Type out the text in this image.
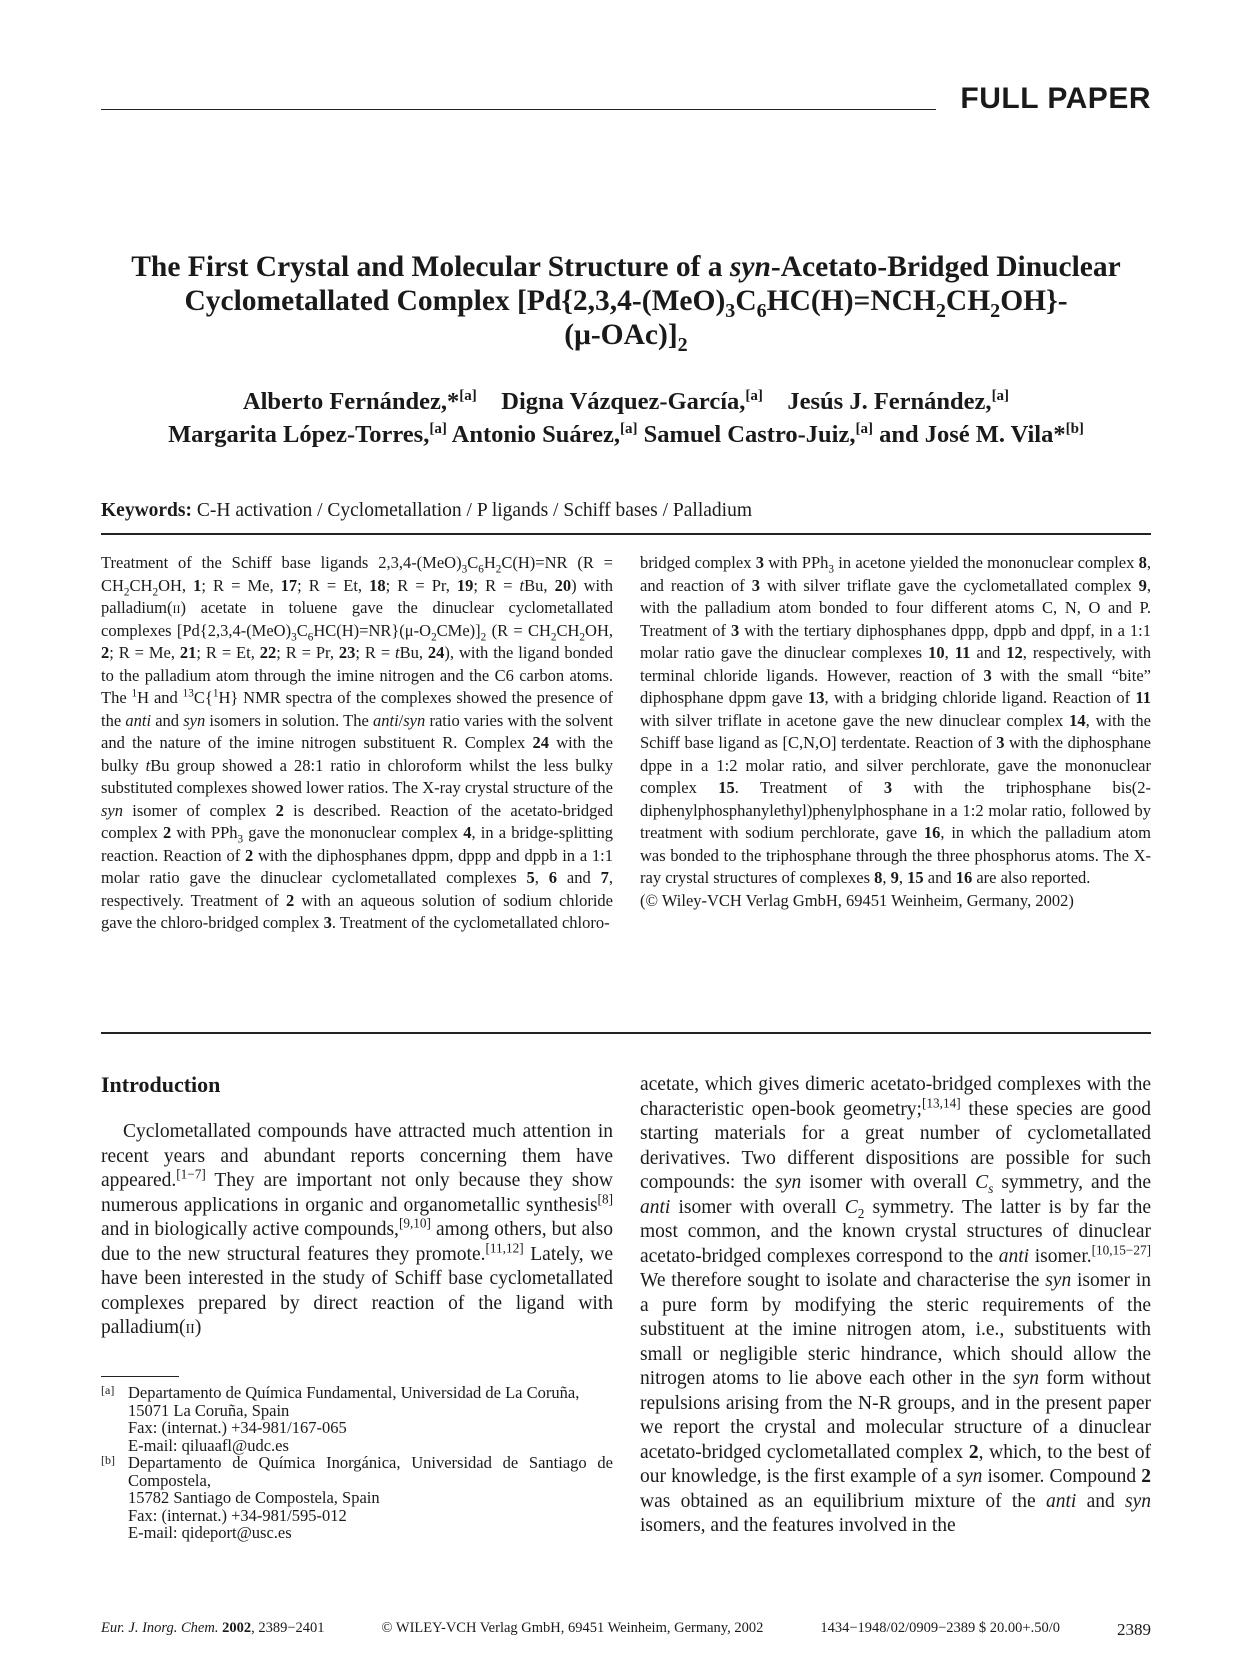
FULL PAPER
The First Crystal and Molecular Structure of a syn-Acetato-Bridged Dinuclear
Cyclometallated Complex [$Pd\{2,3,4-(MeO)_3C_6HC(H)=NCH_2CH_2OH\}-$
$(\mu-OAc)]_2$
Alberto Fernández,*[a] Digna Vázquez-García,[a] Jesús J. Fernández,[a]
Margarita López-Torres,[a] Antonio Suárez,[a] Samuel Castro-Juiz,[a] and José M. Vila*[b]
Keywords: C-H activation / Cyclometallation / P ligands / Schiff bases / Palladium

Treatment of the Schiff base ligands $2,3,4-(MeO)_3C_6H_2C(H)=NR$ ($R = CH_2CH_2OH$, 1; R = Me, 17; R = Et, 18; R = Pr, 19; R = tBu, 20) with palladium(ii) acetate in toluene gave the dinuclear cyclometallated complexes $[Pd\{2,3,4-(MeO)_3C_6HC(H)=NR\}(\mu-O_2CMe)]_2$ ($R = CH_2CH_2OH$, 2; R = Me, 21; R = Et, 22; R = Pr, 23; R = tBu, 24), with the ligand bonded to the palladium atom through the imine nitrogen and the C6 carbon atoms. The $^1$H and $^{13}$C{$^1$H} NMR spectra of the complexes showed the presence of the anti and syn isomers in solution. The anti/syn ratio varies with the solvent and the nature of the imine nitrogen substituent R. Complex 24 with the bulky tBu group showed a 28:1 ratio in chloroform whilst the less bulky substituted complexes showed lower ratios. The X-ray crystal structure of the syn isomer of complex 2 is described. Reaction of the acetato-bridged complex 2 with PPh$_3$ gave the mononuclear complex 4, in a bridge-splitting reaction. Reaction of 2 with the diphosphanes dppm, dppp and dppb in a 1:1 molar ratio gave the dinuclear cyclometallated complexes 5, 6 and 7, respectively. Treatment of 2 with an aqueous solution of sodium chloride gave the chloro-bridged complex 3. Treatment of the cyclometallated chloro-

bridged complex 3 with PPh$_3$ in acetone yielded the mononuclear complex 8, and reaction of 3 with silver triflate gave the cyclometallated complex 9, with the palladium atom bonded to four different atoms C, N, O and P. Treatment of 3 with the tertiary diphosphanes dppp, dppb and dppf, in a 1:1 molar ratio gave the dinuclear complexes 10, 11 and 12, respectively, with terminal chloride ligands. However, reaction of 3 with the small “bite” diphosphane dppm gave 13, with a bridging chloride ligand. Reaction of 11 with silver triflate in acetone gave the new dinuclear complex 14, with the Schiff base ligand as [C,N,O] terdentate. Reaction of 3 with the diphosphane dppe in a 1:2 molar ratio, and silver perchlorate, gave the mononuclear complex 15. Treatment of 3 with the triphosphane bis(2-diphenylphosphanylethyl)phenylphosphane in a 1:2 molar ratio, followed by treatment with sodium perchlorate, gave 16, in which the palladium atom was bonded to the triphosphane through the three phosphorus atoms. The X-ray crystal structures of complexes 8, 9, 15 and 16 are also reported.

(© Wiley-VCH Verlag GmbH, 69451 Weinheim, Germany, 2002)

Introduction

Cyclometallated compounds have attracted much attention in recent years and abundant reports concerning them have appeared.[1−7] They are important not only because they show numerous applications in organic and organometallic synthesis[8] and in biologically active compounds,[9,10] among others, but also due to the new structural features they promote.[11,12] Lately, we have been interested in the study of Schiff base cyclometallated complexes prepared by direct reaction of the ligand with palladium(ii)

acetate, which gives dimeric acetato-bridged complexes with the characteristic open-book geometry;[13,14] these species are good starting materials for a great number of cyclometallated derivatives. Two different dispositions are possible for such compounds: the syn isomer with overall $C_s$ symmetry, and the anti isomer with overall $C_2$ symmetry. The latter is by far the most common, and the known crystal structures of dinuclear acetato-bridged complexes correspond to the anti isomer.[10,15−27] We therefore sought to isolate and characterise the syn isomer in a pure form by modifying the steric requirements of the substituent at the imine nitrogen atom, i.e., substituents with small or negligible steric hindrance, which should allow the nitrogen atoms to lie above each other in the syn form without repulsions arising from the N-R groups, and in the present paper we report the crystal and molecular structure of a dinuclear acetato-bridged cyclometallated complex 2, which, to the best of our knowledge, is the first example of a syn isomer. Compound 2 was obtained as an equilibrium mixture of the anti and syn isomers, and the features involved in the

[a] Departamento de Química Fundamental, Universidad de La Coruña,
15071 La Coruña, Spain
Fax: (internat.) +34-981/167-065
E-mail: qiluaafl@udc.es
[b] Departamento de Química Inorgánica, Universidad de Santiago de Compostela,
15782 Santiago de Compostela, Spain
Fax: (internat.) +34-981/595-012
E-mail: qideport@usc.es
Eur. J. Inorg. Chem. 2002, 2389−2401	© WILEY-VCH Verlag GmbH, 69451 Weinheim, Germany, 2002	1434−1948/02/0909−2389 $ 20.00+.50/0	2389
